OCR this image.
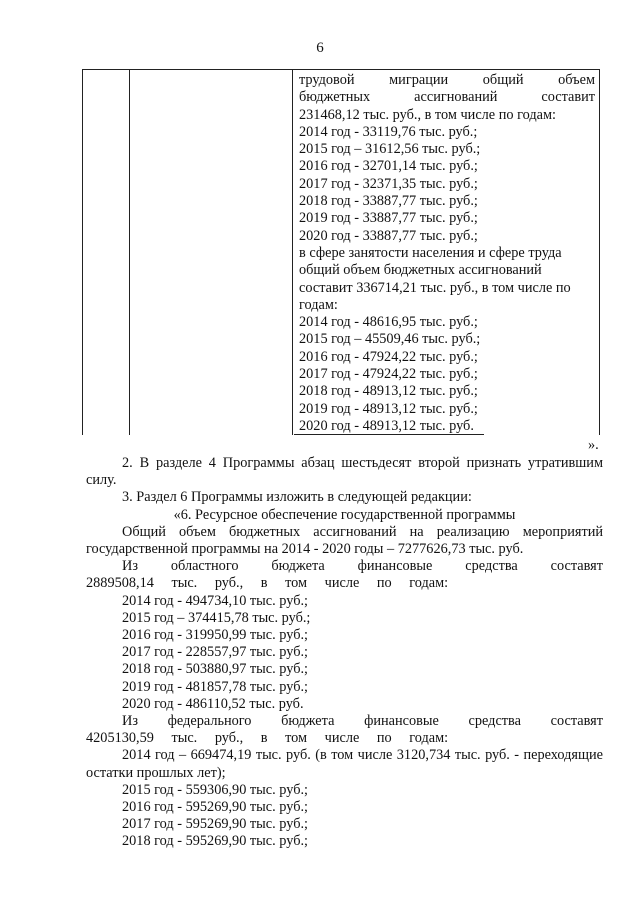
6
трудовой миграции общий объем
бюджетных ассигнований составит
231468,12 тыс. руб., в том числе по годам:
2014 год - 33119,76 тыс. руб.;
2015 год – 31612,56 тыс. руб.;
2016 год - 32701,14 тыс. руб.;
2017 год - 32371,35 тыс. руб.;
2018 год - 33887,77 тыс. руб.;
2019 год - 33887,77 тыс. руб.;
2020 год - 33887,77 тыс. руб.;
в сфере занятости населения и сфере труда
общий объем бюджетных ассигнований
составит 336714,21 тыс. руб., в том числе по
годам:
2014 год - 48616,95 тыс. руб.;
2015 год – 45509,46 тыс. руб.;
2016 год - 47924,22 тыс. руб.;
2017 год - 47924,22 тыс. руб.;
2018 год - 48913,12 тыс. руб.;
2019 год - 48913,12 тыс. руб.;
2020 год - 48913,12 тыс. руб.
».

2. В разделе 4 Программы абзац шестьдесят второй признать утратившим силу.

3. Раздел 6 Программы изложить в следующей редакции:

«6. Ресурсное обеспечение государственной программы

Общий объем бюджетных ассигнований на реализацию мероприятий государственной программы на 2014 - 2020 годы – 7277626,73 тыс. руб.

Из областного бюджета финансовые средства составят 2889508,14 тыс. руб., в том числе по годам:

2014 год - 494734,10 тыс. руб.;
2015 год – 374415,78 тыс. руб.;
2016 год - 319950,99 тыс. руб.;
2017 год - 228557,97 тыс. руб.;
2018 год - 503880,97 тыс. руб.;
2019 год - 481857,78 тыс. руб.;
2020 год - 486110,52 тыс. руб.

Из федерального бюджета финансовые средства составят 4205130,59 тыс. руб., в том числе по годам:

2014 год – 669474,19 тыс. руб. (в том числе 3120,734 тыс. руб. - переходящие остатки прошлых лет);

2015 год - 559306,90 тыс. руб.;
2016 год - 595269,90 тыс. руб.;
2017 год - 595269,90 тыс. руб.;
2018 год - 595269,90 тыс. руб.;
